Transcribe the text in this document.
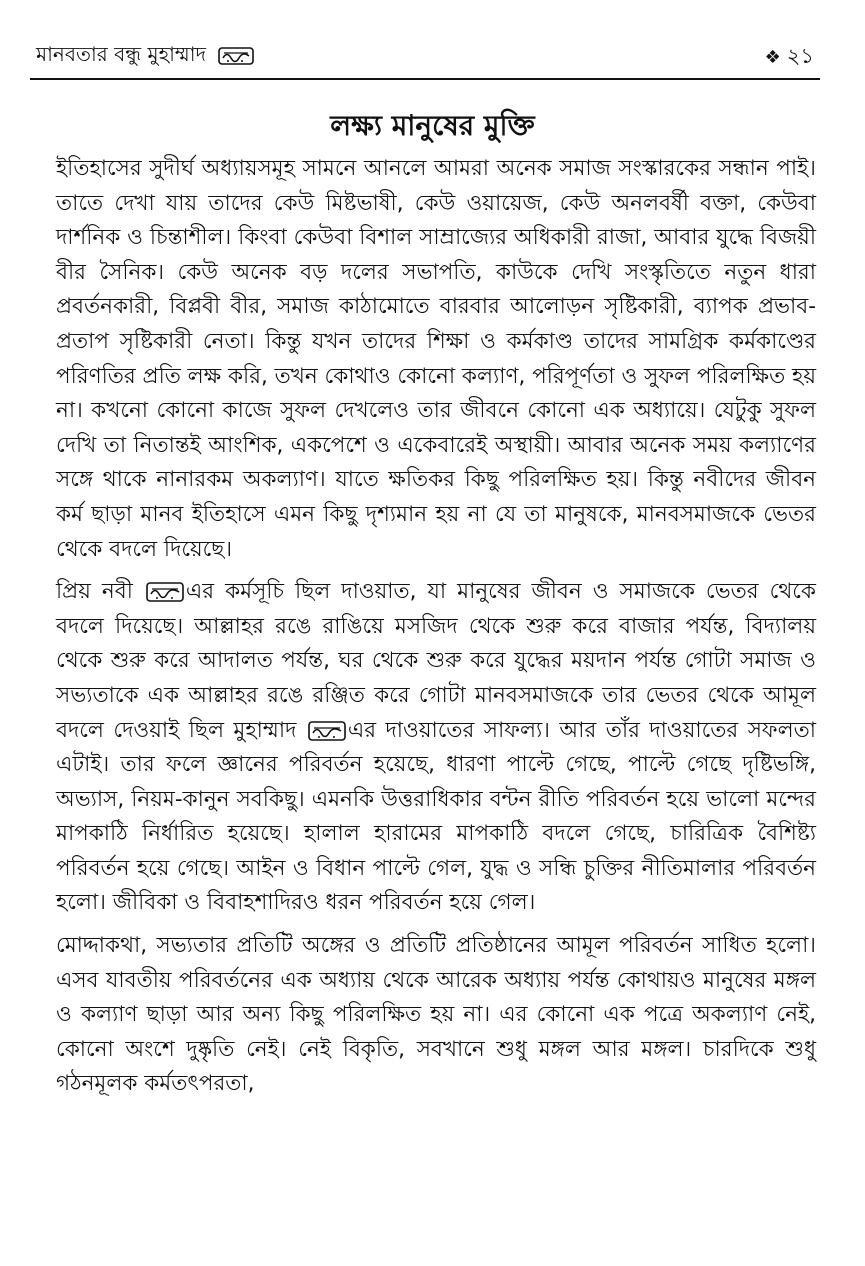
মানবতার বন্ধু মুহাম্মাদ	❖ ২১
লক্ষ্য মানুষের মুক্তি

ইতিহাসের সুদীর্ঘ অধ্যায়সমূহ সামনে আনলে আমরা অনেক সমাজ সংস্কারকের সন্ধান পাই। তাতে দেখা যায় তাদের কেউ মিষ্টভাষী, কেউ ওয়ায়েজ, কেউ অনলবর্ষী বক্তা, কেউবা দার্শনিক ও চিন্তাশীল। কিংবা কেউবা বিশাল সাম্রাজ্যের অধিকারী রাজা, আবার যুদ্ধে বিজয়ী বীর সৈনিক। কেউ অনেক বড় দলের সভাপতি, কাউকে দেখি সংস্কৃতিতে নতুন ধারা প্রবর্তনকারী, বিপ্লবী বীর, সমাজ কাঠামোতে বারবার আলোড়ন সৃষ্টিকারী, ব্যাপক প্রভাব-প্রতাপ সৃষ্টিকারী নেতা। কিন্তু যখন তাদের শিক্ষা ও কর্মকাণ্ড তাদের সামগ্রিক কর্মকাণ্ডের পরিণতির প্রতি লক্ষ করি, তখন কোথাও কোনো কল্যাণ, পরিপূর্ণতা ও সুফল পরিলক্ষিত হয় না। কখনো কোনো কাজে সুফল দেখলেও তার জীবনে কোনো এক অধ্যায়ে। যেটুকু সুফল দেখি তা নিতান্তই আংশিক, একপেশে ও একেবারেই অস্থায়ী। আবার অনেক সময় কল্যাণের সঙ্গে থাকে নানারকম অকল্যাণ। যাতে ক্ষতিকর কিছু পরিলক্ষিত হয়। কিন্তু নবীদের জীবন কর্ম ছাড়া মানব ইতিহাসে এমন কিছু দৃশ্যমান হয় না যে তা মানুষকে, মানবসমাজকে ভেতর থেকে বদলে দিয়েছে।

প্রিয় নবী এর কর্মসূচি ছিল দাওয়াত, যা মানুষের জীবন ও সমাজকে ভেতর থেকে বদলে দিয়েছে। আল্লাহর রঙে রাঙিয়ে মসজিদ থেকে শুরু করে বাজার পর্যন্ত, বিদ্যালয় থেকে শুরু করে আদালত পর্যন্ত, ঘর থেকে শুরু করে যুদ্ধের ময়দান পর্যন্ত গোটা সমাজ ও সভ্যতাকে এক আল্লাহর রঙে রঞ্জিত করে গোটা মানবসমাজকে তার ভেতর থেকে আমূল বদলে দেওয়াই ছিল মুহাম্মাদ এর দাওয়াতের সাফল্য। আর তাঁর দাওয়াতের সফলতা এটাই। তার ফলে জ্ঞানের পরিবর্তন হয়েছে, ধারণা পাল্টে গেছে, পাল্টে গেছে দৃষ্টিভঙ্গি, অভ্যাস, নিয়ম-কানুন সবকিছু। এমনকি উত্তরাধিকার বন্টন রীতি পরিবর্তন হয়ে ভালো মন্দের মাপকাঠি নির্ধারিত হয়েছে। হালাল হারামের মাপকাঠি বদলে গেছে, চারিত্রিক বৈশিষ্ট্য পরিবর্তন হয়ে গেছে। আইন ও বিধান পাল্টে গেল, যুদ্ধ ও সন্ধি চুক্তির নীতিমালার পরিবর্তন হলো। জীবিকা ও বিবাহশাদিরও ধরন পরিবর্তন হয়ে গেল।

মোদ্দাকথা, সভ্যতার প্রতিটি অঙ্গের ও প্রতিটি প্রতিষ্ঠানের আমূল পরিবর্তন সাধিত হলো। এসব যাবতীয় পরিবর্তনের এক অধ্যায় থেকে আরেক অধ্যায় পর্যন্ত কোথায়ও মানুষের মঙ্গল ও কল্যাণ ছাড়া আর অন্য কিছু পরিলক্ষিত হয় না। এর কোনো এক পত্রে অকল্যাণ নেই, কোনো অংশে দুষ্কৃতি নেই। নেই বিকৃতি, সবখানে শুধু মঙ্গল আর মঙ্গল। চারদিকে শুধু গঠনমূলক কর্মতৎপরতা,
